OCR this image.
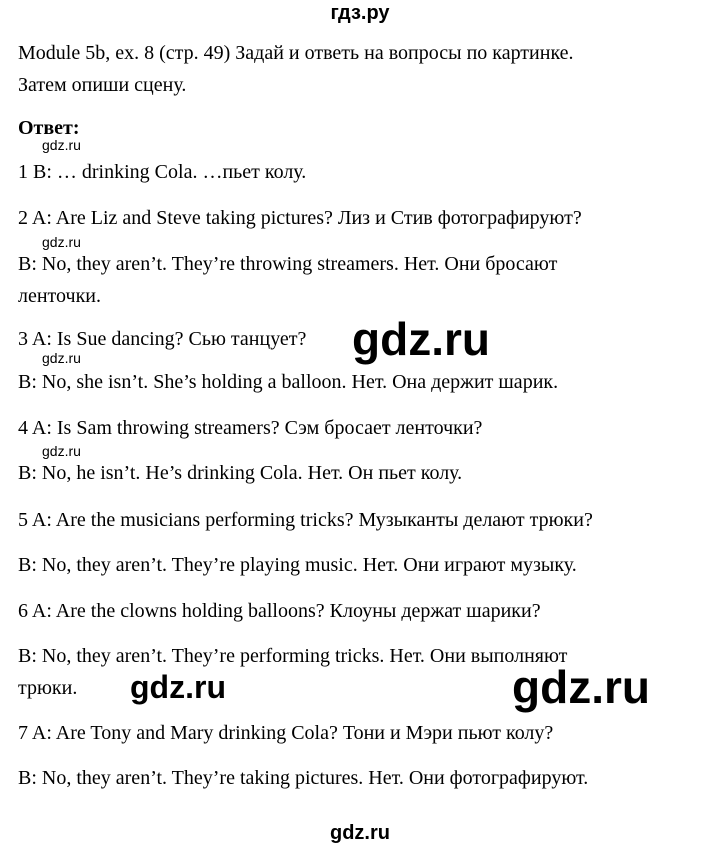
гдз.ру
Module 5b, ex. 8 (стр. 49) Задай и ответь на вопросы по картинке.
Затем опиши сцену.
Ответ:
gdz.ru
1 B: … drinking Cola. …пьет колу.
2 A: Are Liz and Steve taking pictures? Лиз и Стив фотографируют?
gdz.ru
B: No, they aren’t. They’re throwing streamers. Нет. Они бросают
ленточки.
3 A: Is Sue dancing? Сью танцует? gdz.ru
gdz.ru
B: No, she isn’t. She’s holding a balloon. Нет. Она держит шарик.
4 A: Is Sam throwing streamers? Сэм бросает ленточки?
gdz.ru
B: No, he isn’t. He’s drinking Cola. Нет. Он пьет колу.
5 A: Are the musicians performing tricks? Музыканты делают трюки?
B: No, they aren’t. They’re playing music. Нет. Они играют музыку.
6 A: Are the clowns holding balloons? Клоуны держат шарики?
B: No, they aren’t. They’re performing tricks. Нет. Они выполняют
трюки. gdz.ru	gdz.ru
7 A: Are Tony and Mary drinking Cola? Тони и Мэри пьют колу?
B: No, they aren’t. They’re taking pictures. Нет. Они фотографируют.
gdz.ru
